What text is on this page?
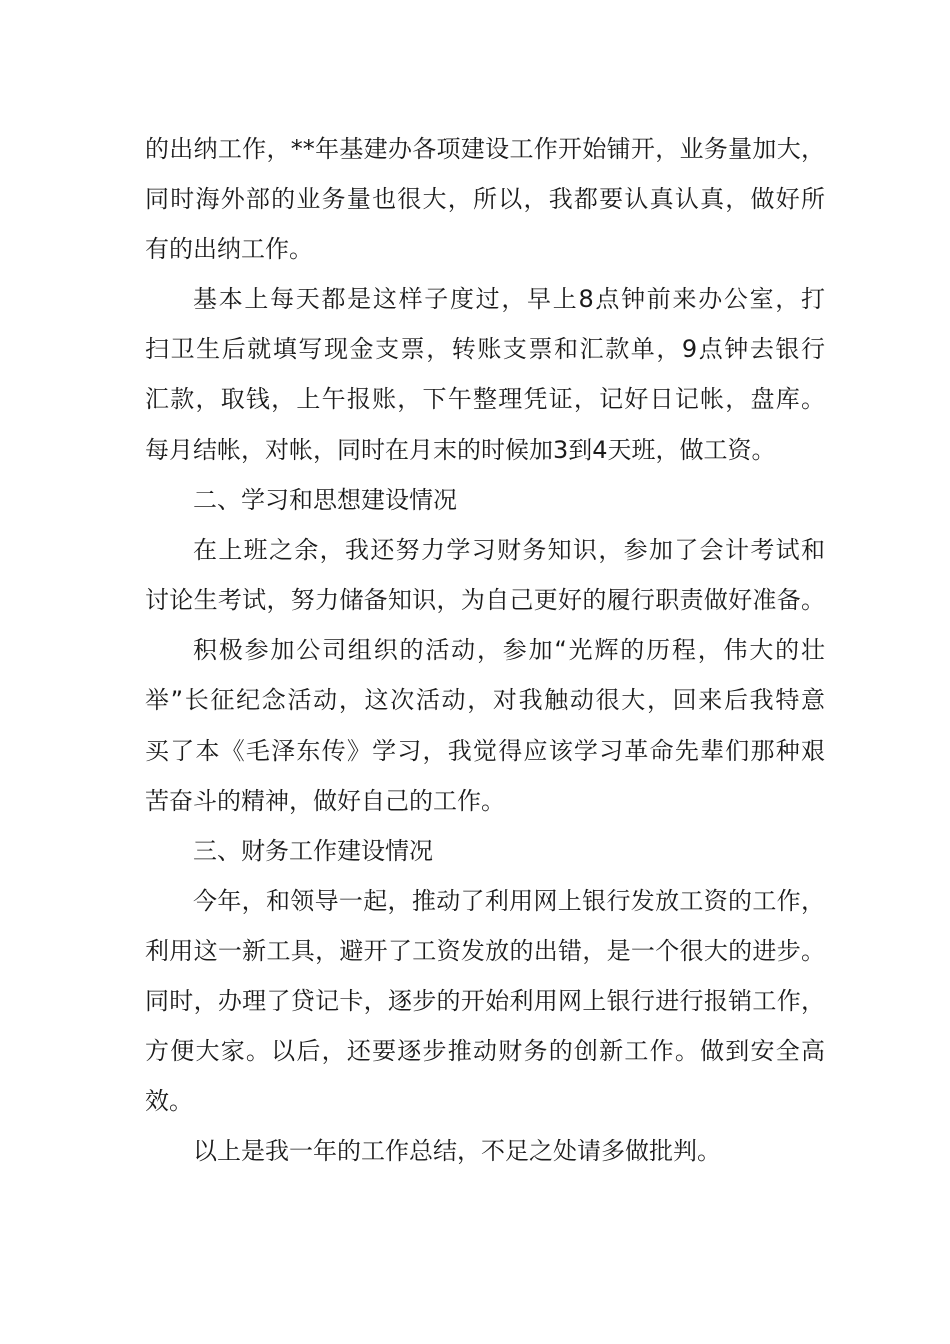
的出纳工作，**年基建办各项建设工作开始铺开，业务量加大，
同时海外部的业务量也很大，所以，我都要认真认真，做好所
有的出纳工作。
基本上每天都是这样子度过，早上8点钟前来办公室，打
扫卫生后就填写现金支票，转账支票和汇款单，9点钟去银行
汇款，取钱，上午报账，下午整理凭证，记好日记帐，盘库。
每月结帐，对帐，同时在月末的时候加3到4天班，做工资。
二、学习和思想建设情况
在上班之余，我还努力学习财务知识，参加了会计考试和
讨论生考试，努力储备知识，为自己更好的履行职责做好准备。
积极参加公司组织的活动，参加“光辉的历程，伟大的壮
举”长征纪念活动，这次活动，对我触动很大，回来后我特意
买了本《毛泽东传》学习，我觉得应该学习革命先辈们那种艰
苦奋斗的精神，做好自己的工作。
三、财务工作建设情况
今年，和领导一起，推动了利用网上银行发放工资的工作，
利用这一新工具，避开了工资发放的出错，是一个很大的进步。
同时，办理了贷记卡，逐步的开始利用网上银行进行报销工作，
方便大家。以后，还要逐步推动财务的创新工作。做到安全高
效。
以上是我一年的工作总结，不足之处请多做批判。
